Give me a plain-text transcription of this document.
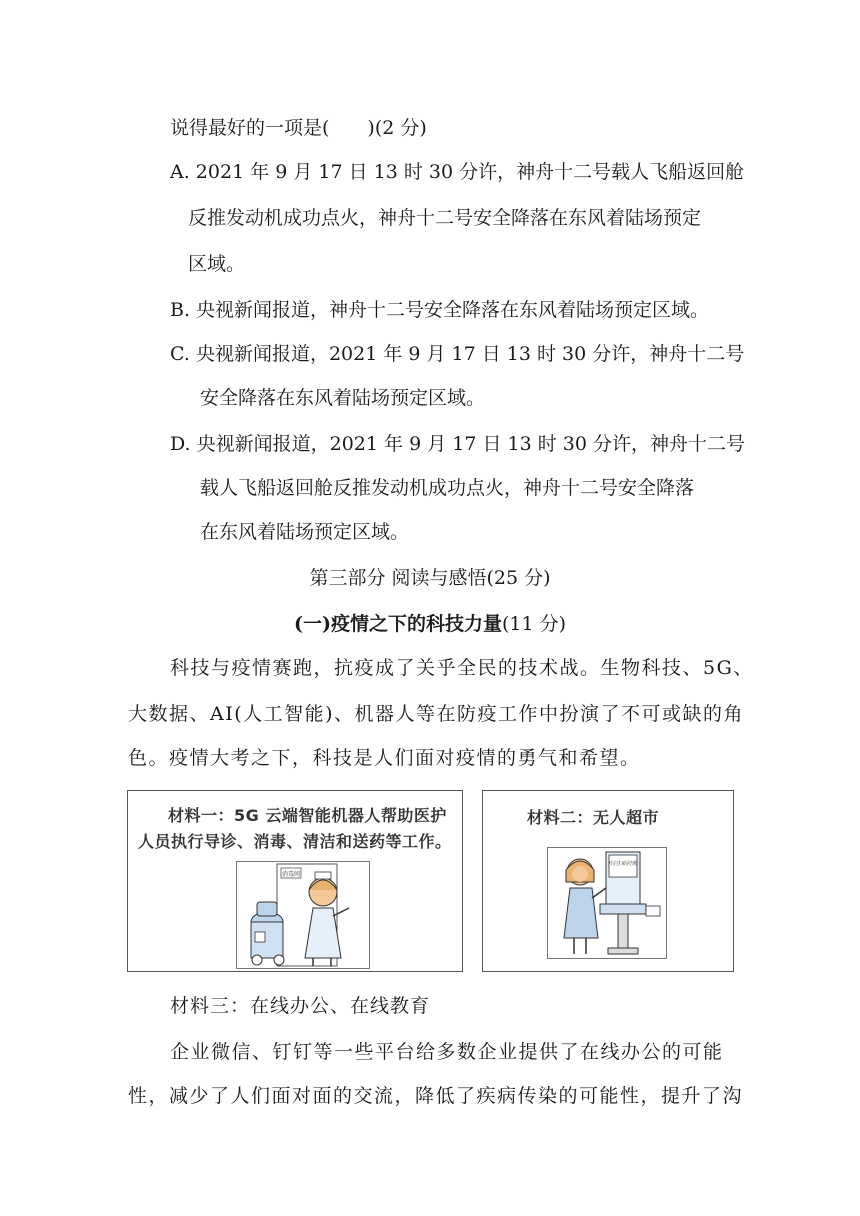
说得最好的一项是(　　)(2 分)
A. 2021 年 9 月 17 日 13 时 30 分许，神舟十二号载人飞船返回舱
反推发动机成功点火，神舟十二号安全降落在东风着陆场预定
区域。
B. 央视新闻报道，神舟十二号安全降落在东风着陆场预定区域。
C. 央视新闻报道，2021 年 9 月 17 日 13 时 30 分许，神舟十二号
安全降落在东风着陆场预定区域。
D. 央视新闻报道，2021 年 9 月 17 日 13 时 30 分许，神舟十二号
载人飞船返回舱反推发动机成功点火，神舟十二号安全降落
在东风着陆场预定区域。
第三部分 阅读与感悟(25 分)
(一)疫情之下的科技力量(11 分)
科技与疫情赛跑，抗疫成了关乎全民的技术战。生物科技、5G、
大数据、AI(人工智能)、机器人等在防疫工作中扮演了不可或缺的角
色。疫情大考之下，科技是人们面对疫情的勇气和希望。
材料一：5G 云端智能机器人帮助医护
人员执行导诊、消毒、清洁和送药等工作。
消毒间
材料二：无人超市
开启扫码结账
材料三：在线办公、在线教育
企业微信、钉钉等一些平台给多数企业提供了在线办公的可能
性，减少了人们面对面的交流，降低了疾病传染的可能性，提升了沟
